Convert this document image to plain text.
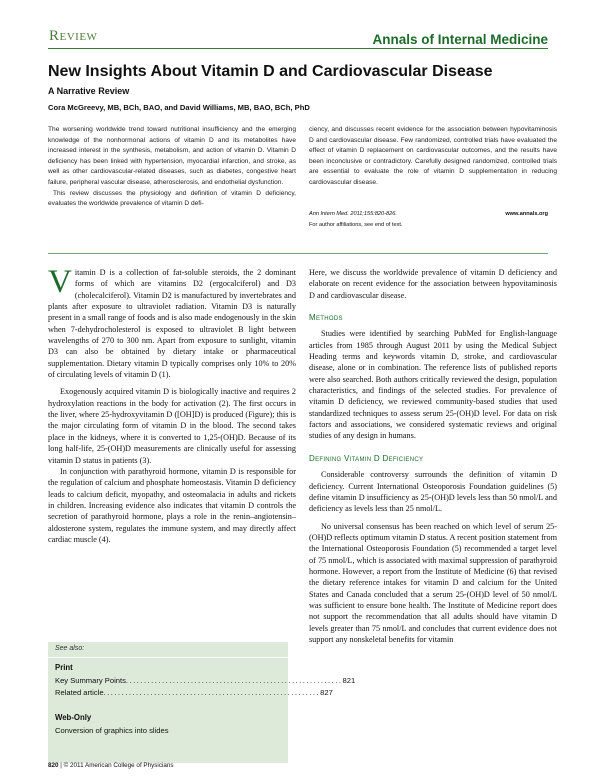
Review	Annals of Internal Medicine
New Insights About Vitamin D and Cardiovascular Disease
A Narrative Review
Cora McGreevy, MB, BCh, BAO, and David Williams, MB, BAO, BCh, PhD

The worsening worldwide trend toward nutritional insufficiency and the emerging knowledge of the nonhormonal actions of vitamin D and its metabolites have increased interest in the synthesis, metabolism, and action of vitamin D. Vitamin D deficiency has been linked with hypertension, myocardial infarction, and stroke, as well as other cardiovascular-related diseases, such as diabetes, congestive heart failure, peripheral vascular disease, atherosclerosis, and endothelial dysfunction.

This review discusses the physiology and definition of vitamin D deficiency, evaluates the worldwide prevalence of vitamin D defi-

ciency, and discusses recent evidence for the association between hypovitaminosis D and cardiovascular disease. Few randomized, controlled trials have evaluated the effect of vitamin D replacement on cardiovascular outcomes, and the results have been inconclusive or contradictory. Carefully designed randomized, controlled trials are essential to evaluate the role of vitamin D supplementation in reducing cardiovascular disease.

Ann Intern Med. 2011;155:820-826.	www.annals.org
For author affiliations, see end of text.

Vitamin D is a collection of fat-soluble steroids, the 2 dominant forms of which are vitamins D2 (ergocalciferol) and D3 (cholecalciferol). Vitamin D2 is manufactured by invertebrates and plants after exposure to ultraviolet radiation. Vitamin D3 is naturally present in a small range of foods and is also made endogenously in the skin when 7-dehydrocholesterol is exposed to ultraviolet B light between wavelengths of 270 to 300 nm. Apart from exposure to sunlight, vitamin D3 can also be obtained by dietary intake or pharmaceutical supplementation. Dietary vitamin D typically comprises only 10% to 20% of circulating levels of vitamin D (1).

Exogenously acquired vitamin D is biologically inactive and requires 2 hydroxylation reactions in the body for activation (2). The first occurs in the liver, where 25-hydroxyvitamin D ([OH]D) is produced (Figure); this is the major circulating form of vitamin D in the blood. The second takes place in the kidneys, where it is converted to 1,25-(OH)D. Because of its long half-life, 25-(OH)D measurements are clinically useful for assessing vitamin D status in patients (3).

In conjunction with parathyroid hormone, vitamin D is responsible for the regulation of calcium and phosphate homeostasis. Vitamin D deficiency leads to calcium deficit, myopathy, and osteomalacia in adults and rickets in children. Increasing evidence also indicates that vitamin D controls the secretion of parathyroid hormone, plays a role in the renin–angiotensin–aldosterone system, regulates the immune system, and may directly affect cardiac muscle (4).

Here, we discuss the worldwide prevalence of vitamin D deficiency and elaborate on recent evidence for the association between hypovitaminosis D and cardiovascular disease.

Methods

Studies were identified by searching PubMed for English-language articles from 1985 through August 2011 by using the Medical Subject Heading terms and keywords vitamin D, stroke, and cardiovascular disease, alone or in combination. The reference lists of published reports were also searched. Both authors critically reviewed the design, population characteristics, and findings of the selected studies. For prevalence of vitamin D deficiency, we reviewed community-based studies that used standardized techniques to assess serum 25-(OH)D level. For data on risk factors and associations, we considered systematic reviews and original studies of any design in humans.

Defining Vitamin D Deficiency

Considerable controversy surrounds the definition of vitamin D deficiency. Current International Osteoporosis Foundation guidelines (5) define vitamin D insufficiency as 25-(OH)D levels less than 50 nmol/L and deficiency as levels less than 25 nmol/L.

No universal consensus has been reached on which level of serum 25-(OH)D reflects optimum vitamin D status. A recent position statement from the International Osteoporosis Foundation (5) recommended a target level of 75 nmol/L, which is associated with maximal suppression of parathyroid hormone. However, a report from the Institute of Medicine (6) that revised the dietary reference intakes for vitamin D and calcium for the United States and Canada concluded that a serum 25-(OH)D level of 50 nmol/L was sufficient to ensure bone health. The Institute of Medicine report does not support the recommendation that all adults should have vitamin D levels greater than 75 nmol/L and concludes that current evidence does not support any nonskeletal benefits for vitamin

See also:
Print
Key Summary Points ............................................................ 821
Related article ............................................................ 827
Web-Only
Conversion of graphics into slides
820 | © 2011 American College of Physicians
